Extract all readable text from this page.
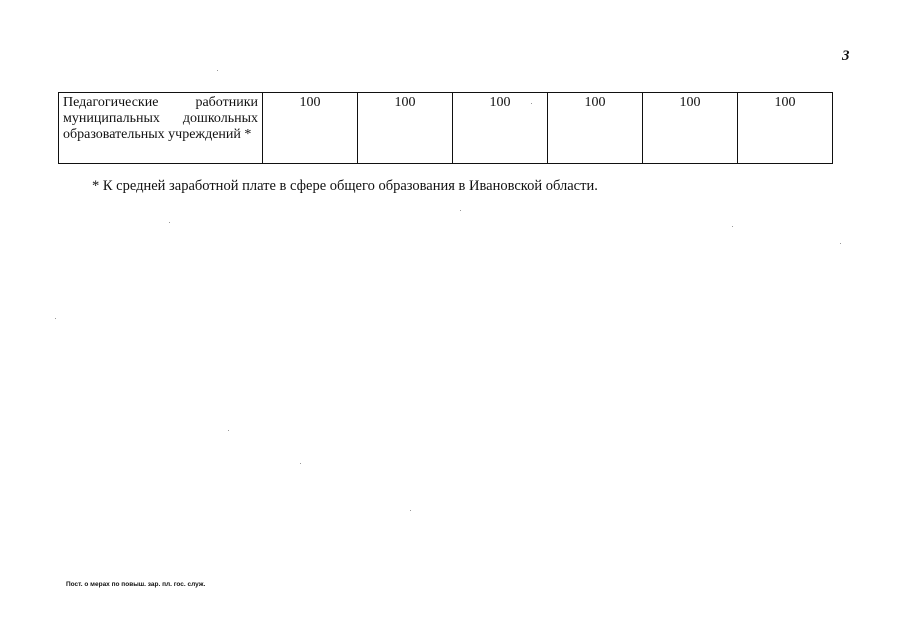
3
Педагогические работники муниципальных дошкольных образовательных учреждений *	100	100	100	100	100	100
* К средней заработной плате в сфере общего образования в Ивановской области.
Пост. о мерах по повыш. зар. пл. гос. служ.
